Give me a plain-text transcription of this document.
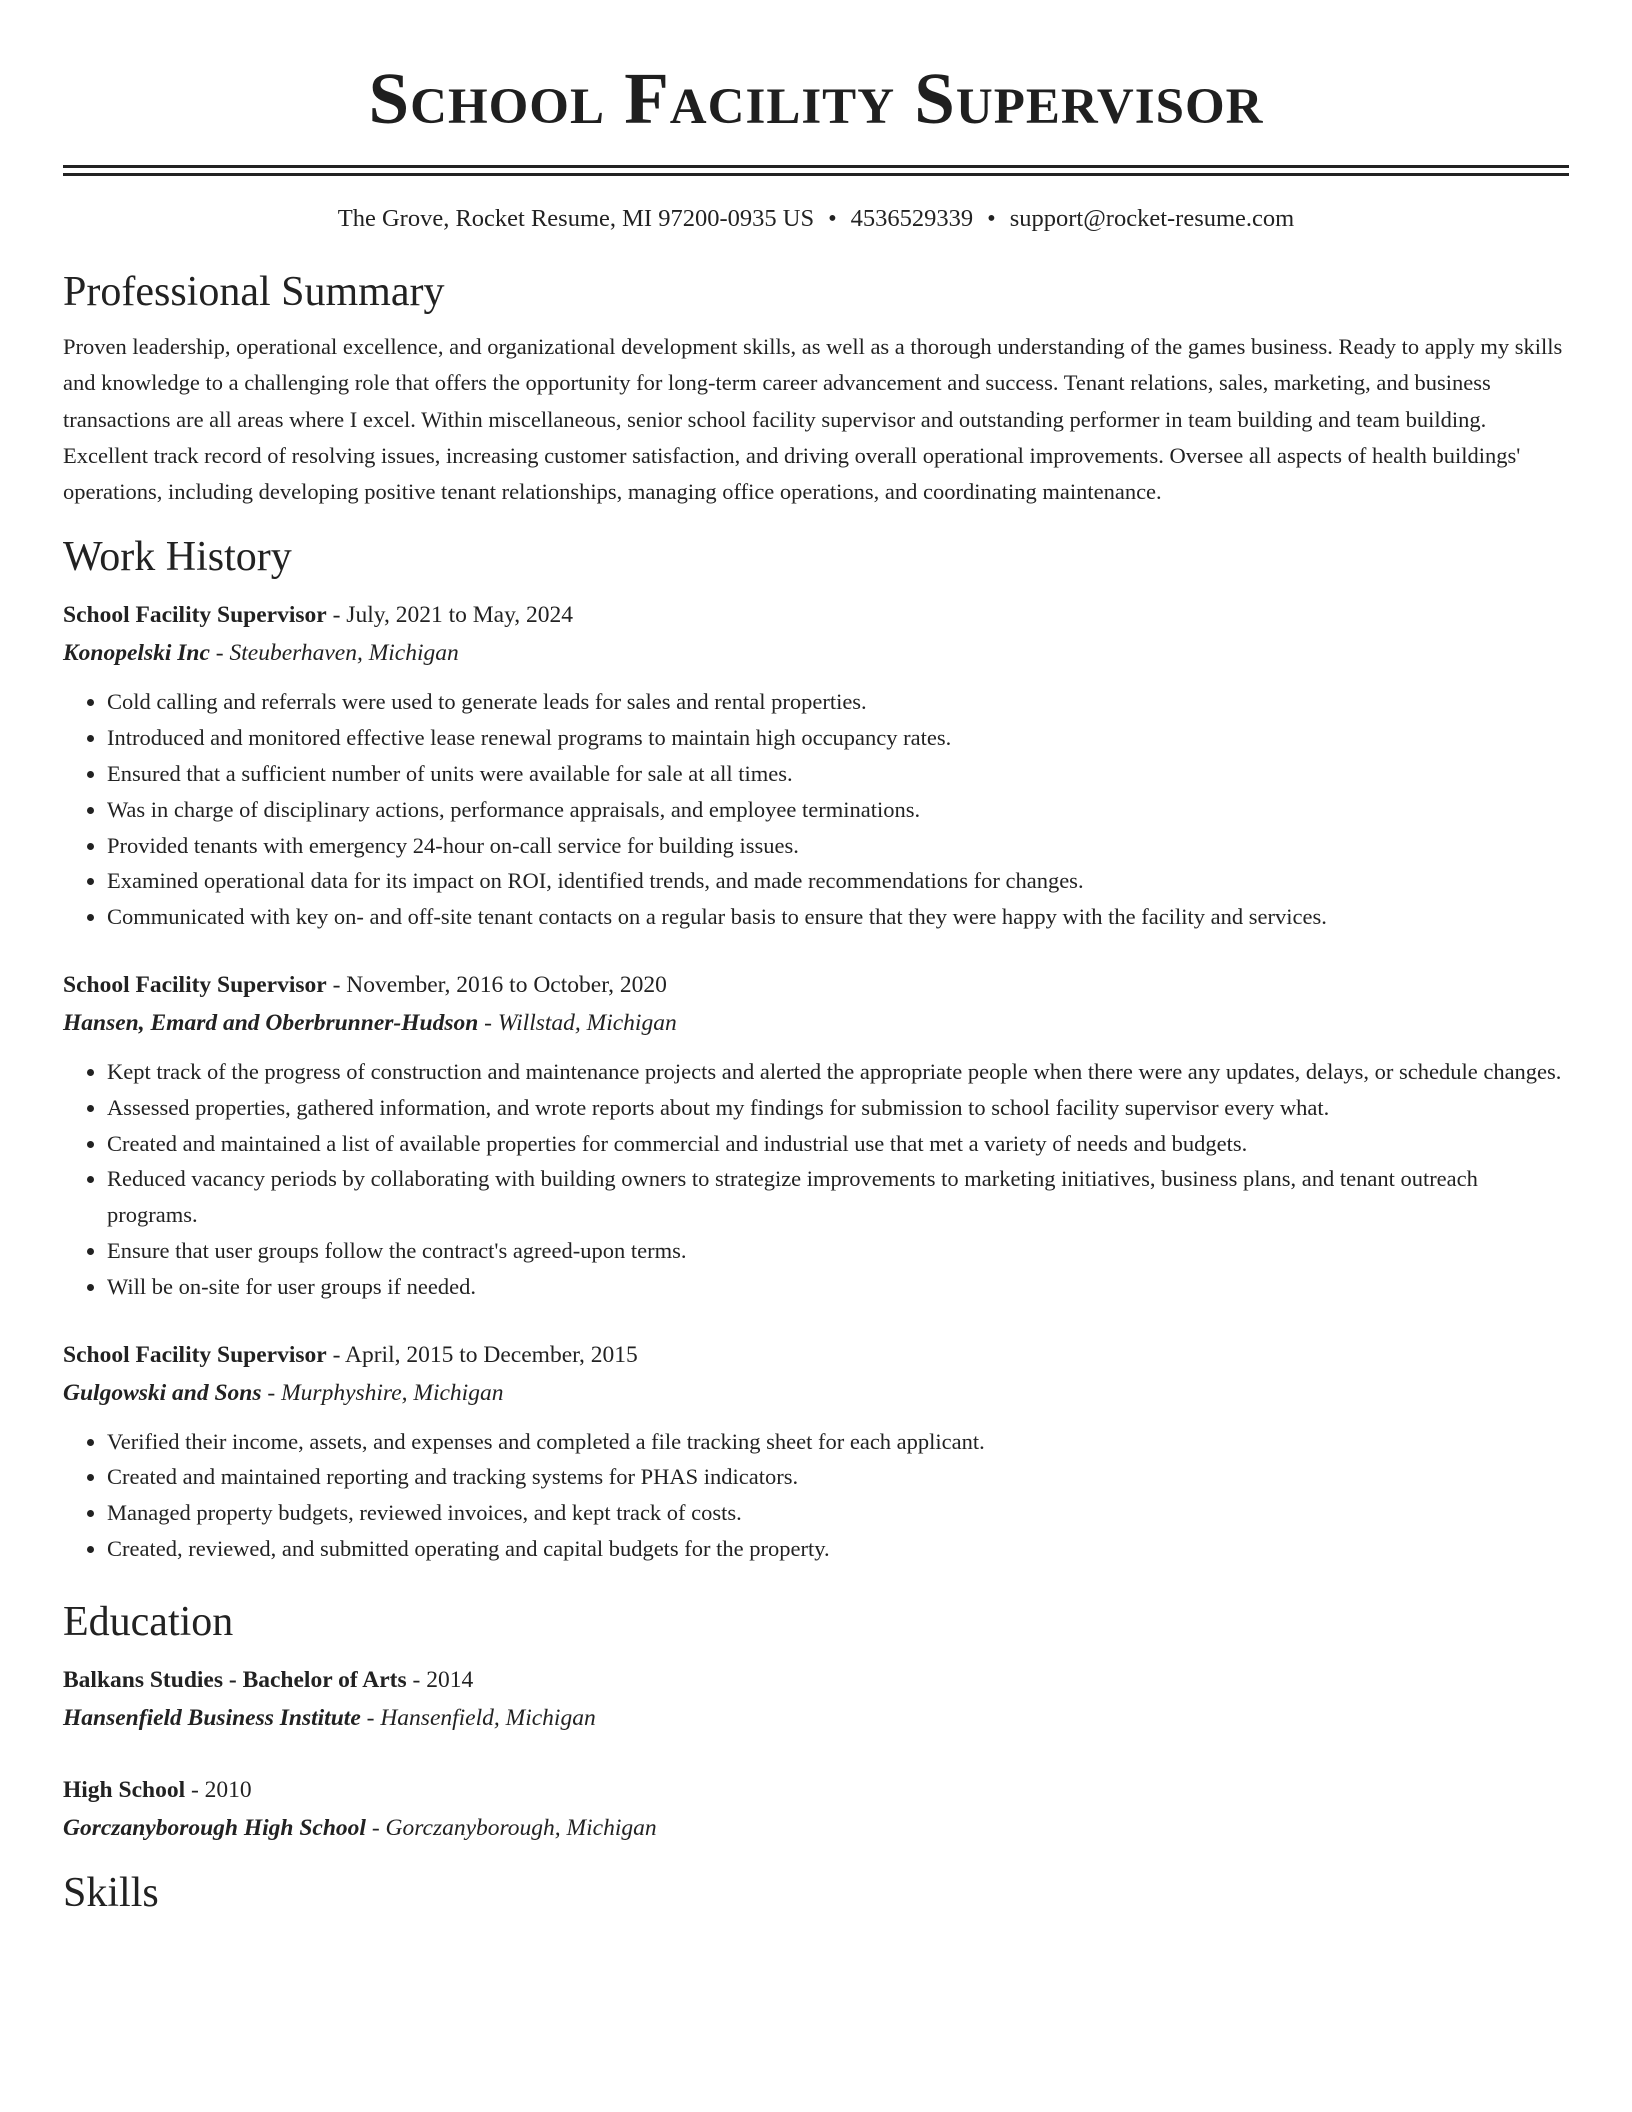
School Facility Supervisor
The Grove, Rocket Resume, MI 97200-0935 US • 4536529339 • support@rocket-resume.com
Professional Summary

Proven leadership, operational excellence, and organizational development skills, as well as a thorough understanding of the games business. Ready to apply my skills and knowledge to a challenging role that offers the opportunity for long-term career advancement and success. Tenant relations, sales, marketing, and business transactions are all areas where I excel. Within miscellaneous, senior school facility supervisor and outstanding performer in team building and team building. Excellent track record of resolving issues, increasing customer satisfaction, and driving overall operational improvements. Oversee all aspects of health buildings' operations, including developing positive tenant relationships, managing office operations, and coordinating maintenance.

Work History
School Facility Supervisor - July, 2021 to May, 2024
Konopelski Inc - Steuberhaven, Michigan
• Cold calling and referrals were used to generate leads for sales and rental properties.
• Introduced and monitored effective lease renewal programs to maintain high occupancy rates.
• Ensured that a sufficient number of units were available for sale at all times.
• Was in charge of disciplinary actions, performance appraisals, and employee terminations.
• Provided tenants with emergency 24-hour on-call service for building issues.
• Examined operational data for its impact on ROI, identified trends, and made recommendations for changes.
• Communicated with key on- and off-site tenant contacts on a regular basis to ensure that they were happy with the facility and services.
School Facility Supervisor - November, 2016 to October, 2020
Hansen, Emard and Oberbrunner-Hudson - Willstad, Michigan
• Kept track of the progress of construction and maintenance projects and alerted the appropriate people when there were any updates, delays, or schedule changes.
• Assessed properties, gathered information, and wrote reports about my findings for submission to school facility supervisor every what.
• Created and maintained a list of available properties for commercial and industrial use that met a variety of needs and budgets.
• Reduced vacancy periods by collaborating with building owners to strategize improvements to marketing initiatives, business plans, and tenant outreach programs.
• Ensure that user groups follow the contract's agreed-upon terms.
• Will be on-site for user groups if needed.
School Facility Supervisor - April, 2015 to December, 2015
Gulgowski and Sons - Murphyshire, Michigan
• Verified their income, assets, and expenses and completed a file tracking sheet for each applicant.
• Created and maintained reporting and tracking systems for PHAS indicators.
• Managed property budgets, reviewed invoices, and kept track of costs.
• Created, reviewed, and submitted operating and capital budgets for the property.
Education
Balkans Studies - Bachelor of Arts - 2014
Hansenfield Business Institute - Hansenfield, Michigan
High School - 2010
Gorczanyborough High School - Gorczanyborough, Michigan
Skills
